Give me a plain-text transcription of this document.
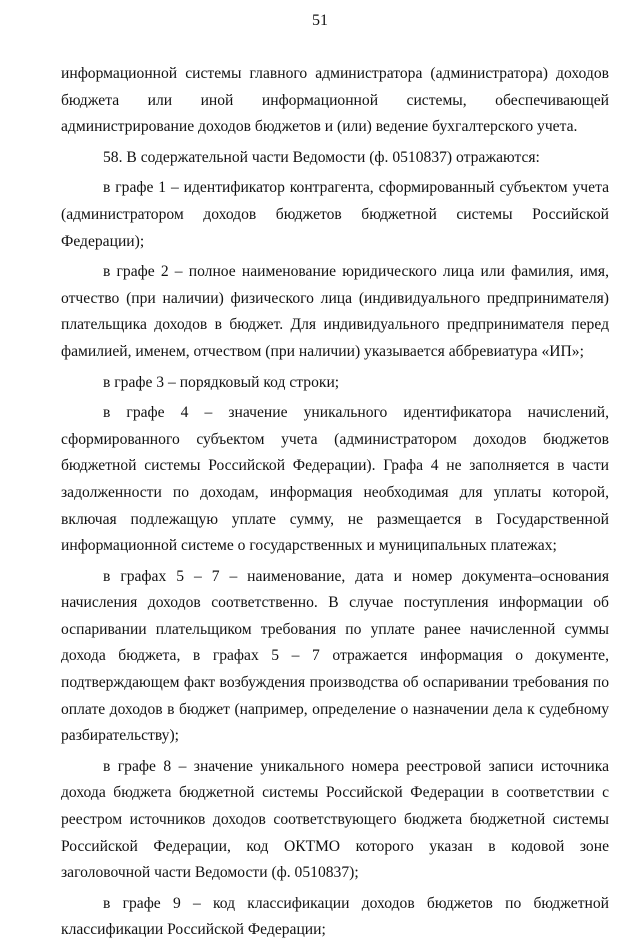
51

информационной системы главного администратора (администратора) доходов бюджета или иной информационной системы, обеспечивающей администрирование доходов бюджетов и (или) ведение бухгалтерского учета.

58. В содержательной части Ведомости (ф. 0510837) отражаются:

в графе 1 – идентификатор контрагента, сформированный субъектом учета (администратором доходов бюджетов бюджетной системы Российской Федерации);

в графе 2 – полное наименование юридического лица или фамилия, имя, отчество (при наличии) физического лица (индивидуального предпринимателя) плательщика доходов в бюджет. Для индивидуального предпринимателя перед фамилией, именем, отчеством (при наличии) указывается аббревиатура «ИП»;

в графе 3 – порядковый код строки;

в графе 4 – значение уникального идентификатора начислений, сформированного субъектом учета (администратором доходов бюджетов бюджетной системы Российской Федерации). Графа 4 не заполняется в части задолженности по доходам, информация необходимая для уплаты которой, включая подлежащую уплате сумму, не размещается в Государственной информационной системе о государственных и муниципальных платежах;

в графах 5 – 7 – наименование, дата и номер документа–основания начисления доходов соответственно. В случае поступления информации об оспаривании плательщиком требования по уплате ранее начисленной суммы дохода бюджета, в графах 5 – 7 отражается информация о документе, подтверждающем факт возбуждения производства об оспаривании требования по оплате доходов в бюджет (например, определение о назначении дела к судебному разбирательству);

в графе 8 – значение уникального номера реестровой записи источника дохода бюджета бюджетной системы Российской Федерации в соответствии с реестром источников доходов соответствующего бюджета бюджетной системы Российской Федерации, код ОКТМО которого указан в кодовой зоне заголовочной части Ведомости (ф. 0510837);

в графе 9 – код классификации доходов бюджетов по бюджетной классификации Российской Федерации;
